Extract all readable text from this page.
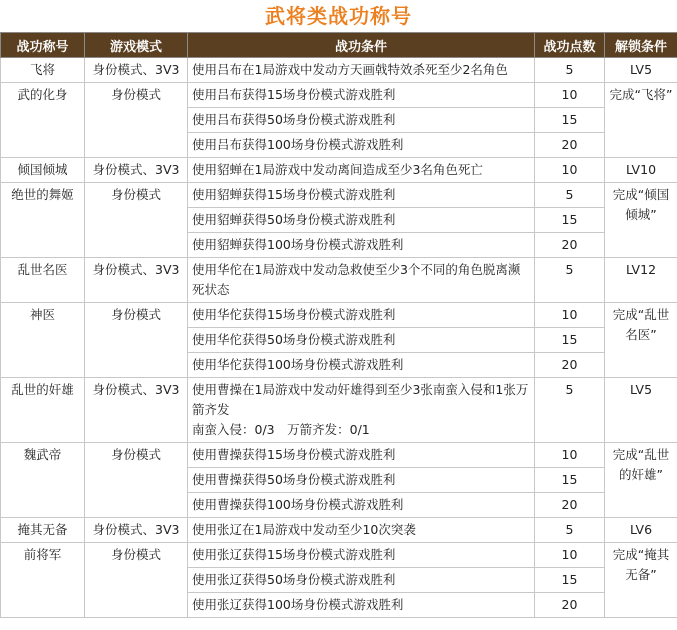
武将类战功称号
战功称号	游戏模式	战功条件	战功点数	解锁条件
飞将	身份模式、3V3	使用吕布在1局游戏中发动方天画戟特效杀死至少2名角色	5	LV5
武的化身	身份模式	使用吕布获得15场身份模式游戏胜利	10	完成“飞将”
		使用吕布获得50场身份模式游戏胜利	15	
		使用吕布获得100场身份模式游戏胜利	20	
倾国倾城	身份模式、3V3	使用貂蝉在1局游戏中发动离间造成至少3名角色死亡	10	LV10
绝世的舞姬	身份模式	使用貂蝉获得15场身份模式游戏胜利	5	完成“倾国倾城”
		使用貂蝉获得50场身份模式游戏胜利	15	
		使用貂蝉获得100场身份模式游戏胜利	20	
乱世名医	身份模式、3V3	使用华佗在1局游戏中发动急救使至少3个不同的角色脱离濒死状态	5	LV12
神医	身份模式	使用华佗获得15场身份模式游戏胜利	10	完成“乱世名医”
		使用华佗获得50场身份模式游戏胜利	15	
		使用华佗获得100场身份模式游戏胜利	20	
乱世的奸雄	身份模式、3V3	使用曹操在1局游戏中发动奸雄得到至少3张南蛮入侵和1张万箭齐发
南蛮入侵：0/3　万箭齐发：0/1	5	LV5
魏武帝	身份模式	使用曹操获得15场身份模式游戏胜利	10	完成“乱世的奸雄”
		使用曹操获得50场身份模式游戏胜利	15	
		使用曹操获得100场身份模式游戏胜利	20	
掩其无备	身份模式、3V3	使用张辽在1局游戏中发动至少10次突袭	5	LV6
前将军	身份模式	使用张辽获得15场身份模式游戏胜利	10	完成“掩其无备”
		使用张辽获得50场身份模式游戏胜利	15	
		使用张辽获得100场身份模式游戏胜利	20	
